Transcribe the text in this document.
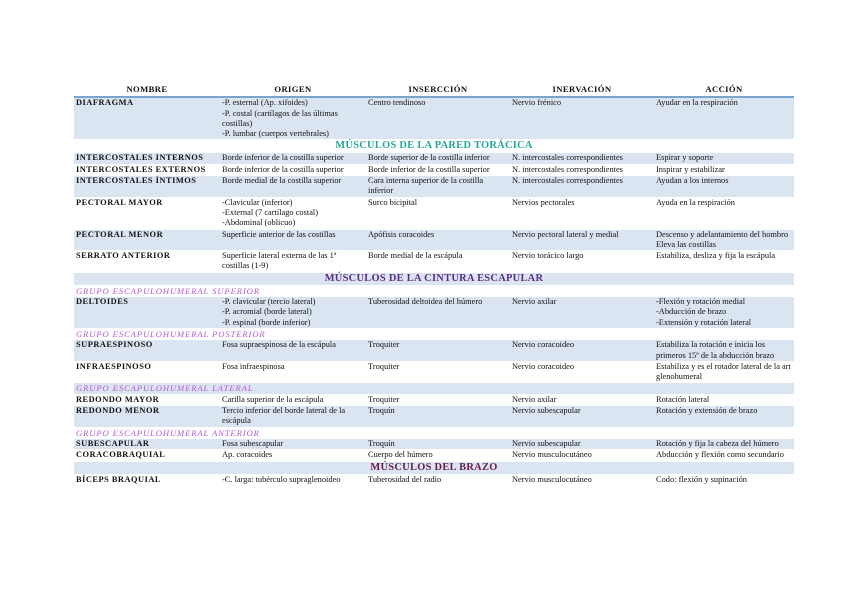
NOMBRE	ORIGEN	INSERCCIÓN	INERVACIÓN	ACCIÓN
DIAFRAGMA	-P. esternal (Ap. xifoides)
-P. costal (cartílagos de las últimas costillas)
-P. lumbar (cuerpos vertebrales)	Centro tendinoso	Nervio frénico	Ayudar en la respiración

MÚSCULOS DE LA PARED TORÁCICA				
INTERCOSTALES INTERNOS	Borde inferior de la costilla superior	Borde superior de la costilla inferior	N. intercostales correspondientes	Espirar y soporte

INTERCOSTALES EXTERNOS	Borde inferior de la costilla superior	Borde inferior de la costilla superior	N. intercostales correspondientes	Inspirar y estabilizar

INTERCOSTALES ÍNTIMOS	Borde medial de la costilla superior	Cara interna superior de la costilla inferior	N. intercostales correspondientes	Ayudan a los internos

PECTORAL MAYOR	-Clavicular (inferior)
-External (7 cartílago costal)
-Abdominal (oblicuo)	Surco bicipital	Nervios pectorales	Ayuda en la respiración

PECTORAL MENOR	Superficie anterior de las costillas	Apófisis coracoides	Nervio pectoral lateral y medial	Descenso y adelantamiento del hombro
Eleva las costillas

SERRATO ANTERIOR	Superficie lateral externa de las 1ª costillas (1-9)	Borde medial de la escápula	Nervio torácico largo	Estabiliza, desliza y fija la escápula

MÚSCULOS DE LA CINTURA ESCAPULAR				
GRUPO ESCAPULOHUMERAL SUPERIOR				
DELTOIDES	-P. clavicular (tercio lateral)
-P. acromial (borde lateral)
-P. espinal (borde inferior)	Tuberosidad deltoidea del húmero	Nervio axilar	-Flexión y rotación medial
-Abducción de brazo
-Extensión y rotación lateral

GRUPO ESCAPULOHUMERAL POSTERIOR				
SUPRAESPINOSO	Fosa supraespinosa de la escápula	Troquiter	Nervio coracoideo	Estabiliza la rotación e inicia los primeros 15º de la abducción brazo

INFRAESPINOSO	Fosa infraespinosa	Troquiter	Nervio coracoideo	Estabiliza y es el rotador lateral de la art glenohumeral

GRUPO ESCAPULOHUMERAL LATERAL				
REDONDO MAYOR	Carilla superior de la escápula	Troquiter	Nervio axilar	Rotación lateral

REDONDO MENOR	Tercio inferior del borde lateral de la escápula	Troquín	Nervio subescapular	Rotación y extensión de brazo

GRUPO ESCAPULOHUMERAL ANTERIOR				
SUBESCAPULAR	Fosa subescapular	Troquín	Nervio subescapular	Rotación y fija la cabeza del húmero

CORACOBRAQUIAL	Ap. coracoides	Cuerpo del húmero	Nervio musculocutáneo	Abducción y flexión como secundario

MÚSCULOS DEL BRAZO				
BÍCEPS BRAQUIAL	-C. larga: tubérculo supraglenoideo	Tuberosidad del radio	Nervio musculocutáneo	Codo: flexión y supinación
